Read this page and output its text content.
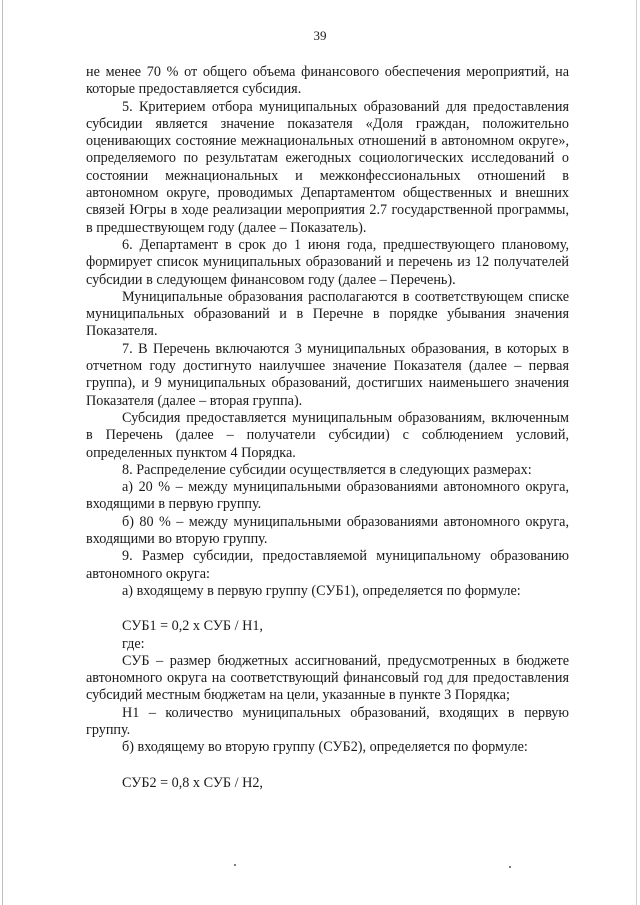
39

не менее 70 % от общего объема финансового обеспечения мероприятий, на которые предоставляется субсидия.

5. Критерием отбора муниципальных образований для предоставления субсидии является значение показателя «Доля граждан, положительно оценивающих состояние межнациональных отношений в автономном округе», определяемого по результатам ежегодных социологических исследований о состоянии межнациональных и межконфессиональных отношений в автономном округе, проводимых Департаментом общественных и внешних связей Югры в ходе реализации мероприятия 2.7 государственной программы, в предшествующем году (далее – Показатель).

6. Департамент в срок до 1 июня года, предшествующего плановому, формирует список муниципальных образований и перечень из 12 получателей субсидии в следующем финансовом году (далее – Перечень).

Муниципальные образования располагаются в соответствующем списке муниципальных образований и в Перечне в порядке убывания значения Показателя.

7. В Перечень включаются 3 муниципальных образования, в которых в отчетном году достигнуто наилучшее значение Показателя (далее – первая группа), и 9 муниципальных образований, достигших наименьшего значения Показателя (далее – вторая группа).

Субсидия предоставляется муниципальным образованиям, включенным в Перечень (далее – получатели субсидии) с соблюдением условий, определенных пунктом 4 Порядка.

8. Распределение субсидии осуществляется в следующих размерах:

а) 20 % – между муниципальными образованиями автономного округа, входящими в первую группу.

б) 80 % – между муниципальными образованиями автономного округа, входящими во вторую группу.

9. Размер субсидии, предоставляемой муниципальному образованию автономного округа:

а) входящему в первую группу (СУБ1), определяется по формуле:

СУБ1 = 0,2 х СУБ / Н1,

где:

СУБ – размер бюджетных ассигнований, предусмотренных в бюджете автономного округа на соответствующий финансовый год для предоставления субсидий местным бюджетам на цели, указанные в пункте 3 Порядка;

Н1 – количество муниципальных образований, входящих в первую группу.

б) входящему во вторую группу (СУБ2), определяется по формуле:

СУБ2 = 0,8 х СУБ / Н2,
